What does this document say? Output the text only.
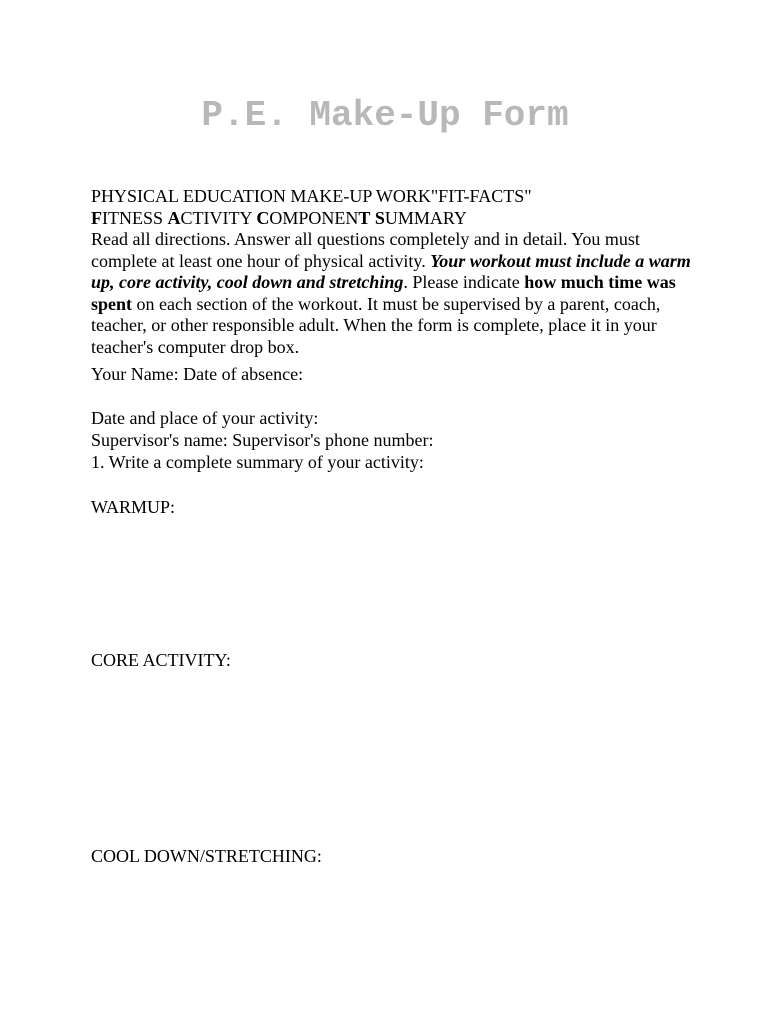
P.E. Make-Up Form

PHYSICAL EDUCATION MAKE-UP WORK"FIT-FACTS"

FITNESS ACTIVITY COMPONENT SUMMARY

Read all directions. Answer all questions completely and in detail. You must complete at least one hour of physical activity. Your workout must include a warm up, core activity, cool down and stretching. Please indicate how much time was spent on each section of the workout. It must be supervised by a parent, coach, teacher, or other responsible adult. When the form is complete, place it in your teacher's computer drop box.

Your Name: Date of absence:
Date and place of your activity:
Supervisor's name: Supervisor's phone number:
1. Write a complete summary of your activity:
WARMUP:
CORE ACTIVITY:
COOL DOWN/STRETCHING:
